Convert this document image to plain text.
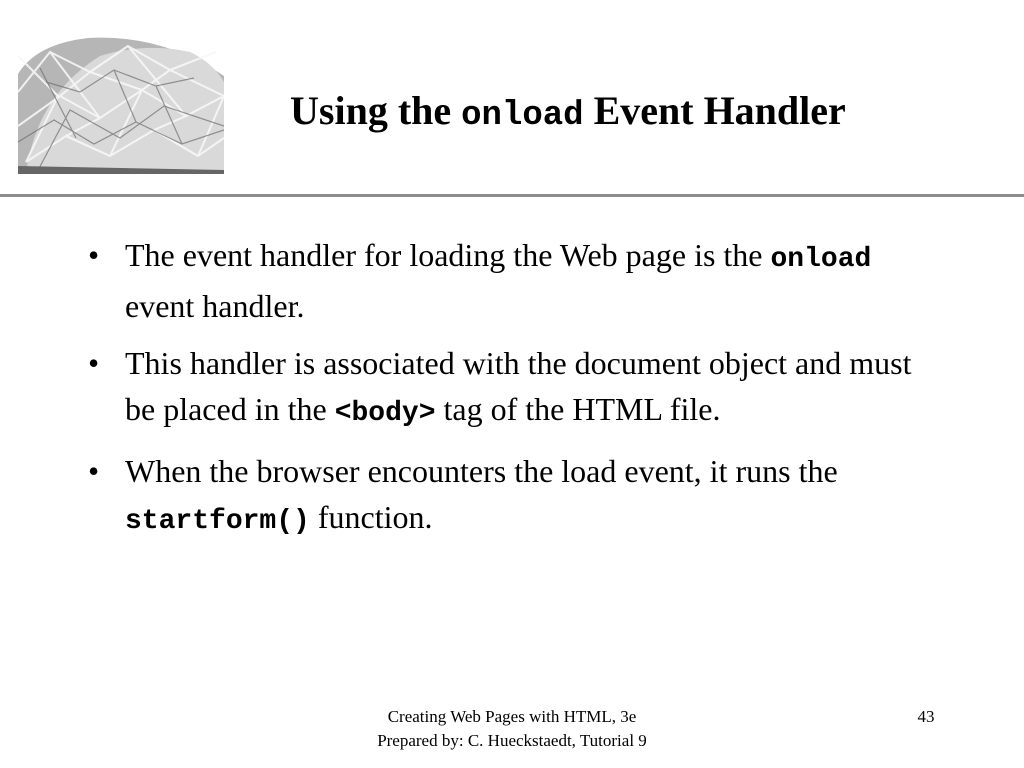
Using the onload Event Handler
• The event handler for loading the Web page is the onload event handler.
• This handler is associated with the document object and must be placed in the <body> tag of the HTML file.
• When the browser encounters the load event, it runs the startform() function.
Creating Web Pages with HTML, 3e
Prepared by: C. Hueckstaedt, Tutorial 9
43
